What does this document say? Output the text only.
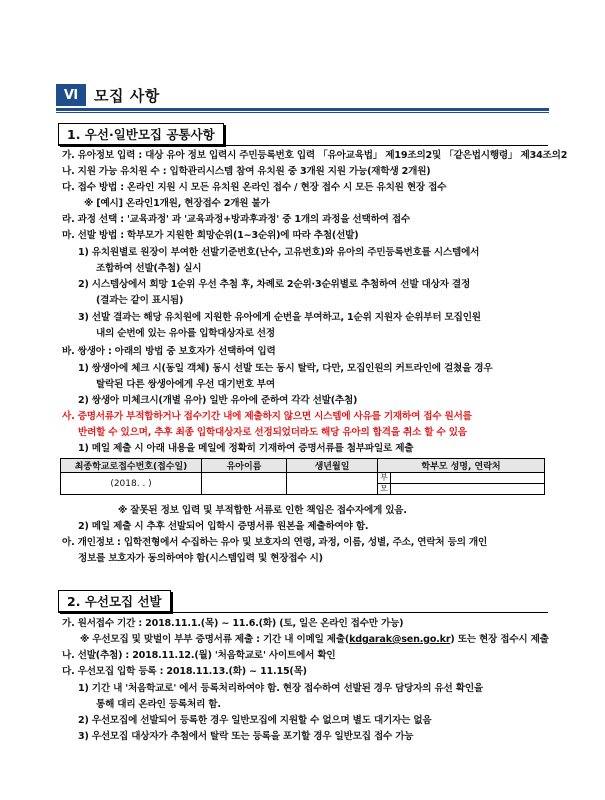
Ⅵ	모집 사항
1. 우선·일반모집 공통사항
가. 유아정보 입력 : 대상 유아 정보 입력시 주민등록번호 입력 「유아교육법」 제19조의2및 「같은법시행령」 제34조의2
나. 지원 가능 유치원 수 : 입학관리시스템 참여 유치원 중 3개원 지원 가능(재학생 2개원)
다. 접수 방법 : 온라인 지원 시 모든 유치원 온라인 접수 / 현장 접수 시 모든 유치원 현장 접수
※ [예시] 온라인1개원, 현장접수 2개원 불가
라. 과정 선택 : '교육과정' 과 '교육과정+방과후과정' 중 1개의 과정을 선택하여 접수
마. 선발 방법 : 학부모가 지원한 희망순위(1~3순위)에 따라 추첨(선발)
1) 유치원별로 원장이 부여한 선발기준번호(난수, 고유번호)와 유아의 주민등록번호를 시스템에서
조합하여 선발(추첨) 실시
2) 시스템상에서 희망 1순위 우선 추첨 후, 차례로 2순위·3순위별로 추첨하여 선발 대상자 결정
(결과는 같이 표시됨)
3) 선발 결과는 해당 유치원에 지원한 유아에게 순번을 부여하고, 1순위 지원자 순위부터 모집인원
내의 순번에 있는 유아를 입학대상자로 선정
바. 쌍생아 : 아래의 방법 중 보호자가 선택하여 입력
1) 쌍생아에 체크 시(동일 객체) 동시 선발 또는 동시 탈락, 다만, 모집인원의 커트라인에 걸쳤을 경우
탈락된 다른 쌍생아에게 우선 대기번호 부여
2) 쌍생아 미체크시(개별 유아) 일반 유아에 준하여 각각 선발(추첨)
사. 증명서류가 부적합하거나 접수기간 내에 제출하지 않으면 시스템에 사유를 기재하여 접수 원서를
반려할 수 있으며, 추후 최종 입학대상자로 선정되었더라도 해당 유아의 합격을 취소 할 수 있음
1) 메일 제출 시 아래 내용을 메일에 정확히 기재하여 증명서류를 첨부파일로 제출
최종학교로접수번호(접수일)	유아이름	생년월일	학부모 성명, 연락처	
(2018. . )			부	
			모	
※ 잘못된 정보 입력 및 부적합한 서류로 인한 책임은 접수자에게 있음.
2) 메일 제출 시 추후 선발되어 입학시 증명서류 원본을 제출하여야 함.
아. 개인정보 : 입학전형에서 수집하는 유아 및 보호자의 연령, 과정, 이름, 성별, 주소, 연락처 등의 개인
정보를 보호자가 동의하여야 함(시스템입력 및 현장접수 시)
2. 우선모집 선발
가. 원서접수 기간 : 2018.11.1.(목) ~ 11.6.(화) (토, 일은 온라인 접수만 가능)
※ 우선모집 및 맞벌이 부부 증명서류 제출 : 기간 내 이메일 제출(kdgarak@sen.go.kr) 또는 현장 접수시 제출
나. 선발(추첨) : 2018.11.12.(월) '처음학교로' 사이트에서 확인
다. 우선모집 입학 등록 : 2018.11.13.(화) ~ 11.15(목)
1) 기간 내 '처음학교로' 에서 등록처리하여야 함. 현장 접수하여 선발된 경우 담당자의 유선 확인을
통해 대리 온라인 등록처리 함.
2) 우선모집에 선발되어 등록한 경우 일반모집에 지원할 수 없으며 별도 대기자는 없음
3) 우선모집 대상자가 추첨에서 탈락 또는 등록을 포기할 경우 일반모집 접수 가능
